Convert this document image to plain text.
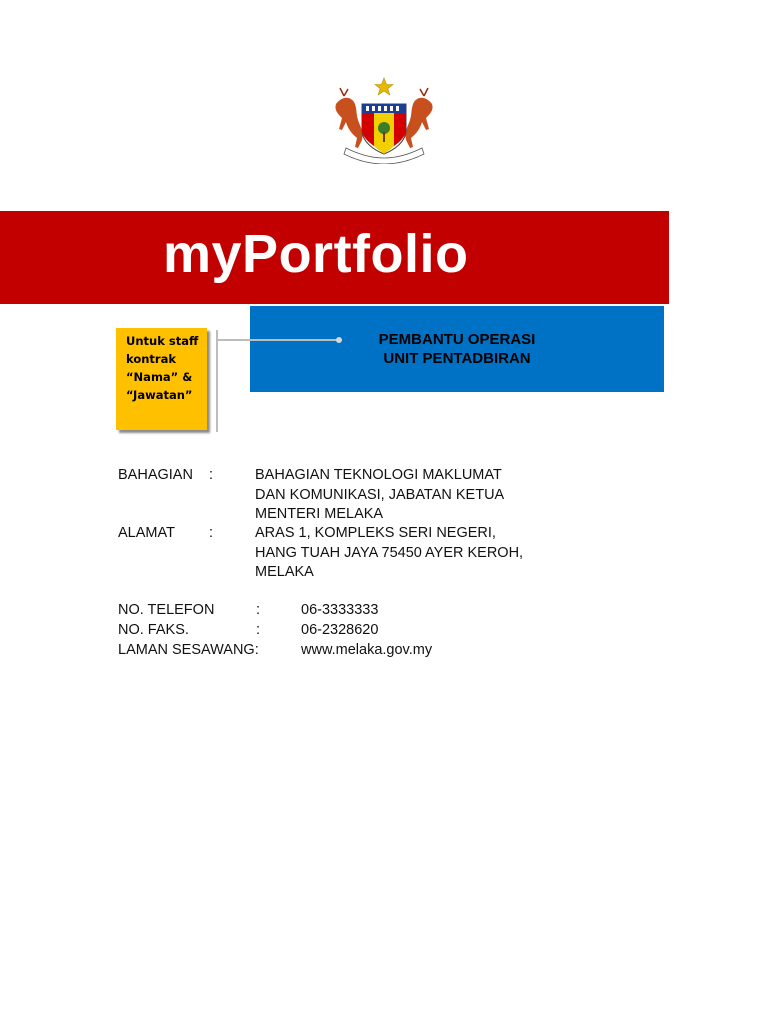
myPortfolio
PEMBANTU OPERASI
UNIT PENTADBIRAN
Untuk staff
kontrak
“Nama” &
“Jawatan”
BAHAGIAN :	BAHAGIAN TEKNOLOGI MAKLUMAT
DAN KOMUNIKASI, JABATAN KETUA
MENTERI MELAKA
ALAMAT :	ARAS 1, KOMPLEKS SERI NEGERI,
HANG TUAH JAYA 75450 AYER KEROH,
MELAKA
NO. TELEFON	:	06-3333333
NO. FAKS.	:	06-2328620
LAMAN SESAWANG:	www.melaka.gov.my
